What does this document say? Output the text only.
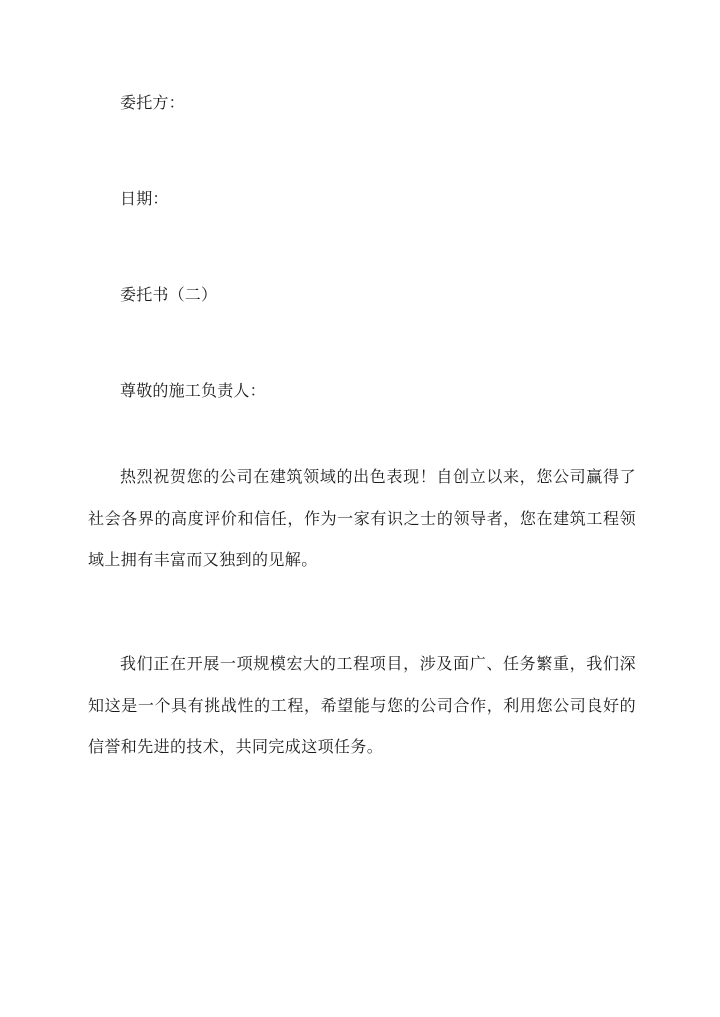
委托方：
日期：
委托书（二）
尊敬的施工负责人：

热烈祝贺您的公司在建筑领域的出色表现！自创立以来，您公司赢得了社会各界的高度评价和信任，作为一家有识之士的领导者，您在建筑工程领域上拥有丰富而又独到的见解。

我们正在开展一项规模宏大的工程项目，涉及面广、任务繁重，我们深知这是一个具有挑战性的工程，希望能与您的公司合作，利用您公司良好的信誉和先进的技术，共同完成这项任务。
